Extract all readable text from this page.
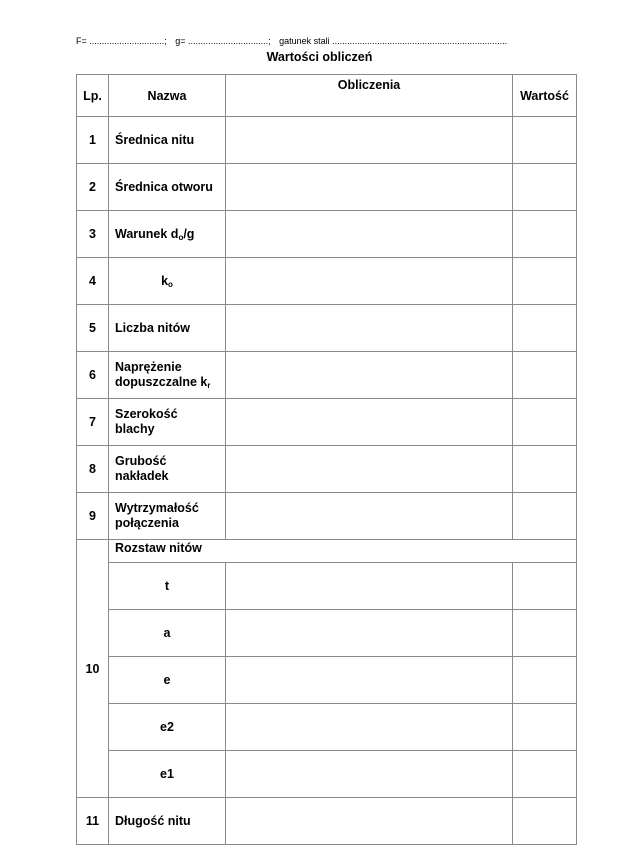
F= ..............................; g= ................................; gatunek stali ......................................................................
Wartości obliczeń
Lp.	Nazwa	Obliczenia	Wartość
1	Średnica nitu		
2	Średnica otworu		
3	Warunek $d_o/g$		
4	$k_o$		
5	Liczba nitów		
6	Naprężenie
dopuszczalne $k_r$		
7	Szerokość
blachy		
8	Grubość
nakładek		
9	Wytrzymałość
połączenia		
10	Rozstaw nitów		
	t		
	a		
	e		
	e2		
	e1		
11	Długość nitu		
